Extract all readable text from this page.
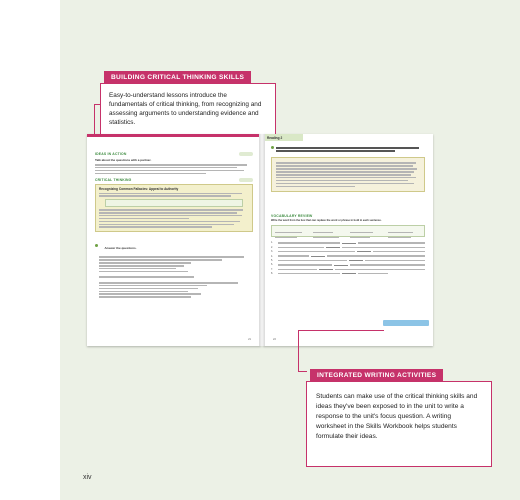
BUILDING CRITICAL THINKING SKILLS
Easy-to-understand lessons introduce the fundamentals of critical thinking, from recognizing and assessing arguments to understanding evidence and statistics.
IDEAS IN ACTION
Talk about the questions with a partner.
CRITICAL THINKING
Recognizing Common Fallacies: Appeal to Authority
Answer the questions.
21
Reading 2
VOCABULARY REVIEW
Write the word from the box that can replace the word or phrase in bold in each sentence.
1.
2.
3.
4.
5.
6.
7.
8.
22
INTEGRATED WRITING ACTIVITIES
Students can make use of the critical thinking skills and ideas they've been exposed to in the unit to write a response to the unit's focus question. A writing worksheet in the Skills Workbook helps students formulate their ideas.
xiv
